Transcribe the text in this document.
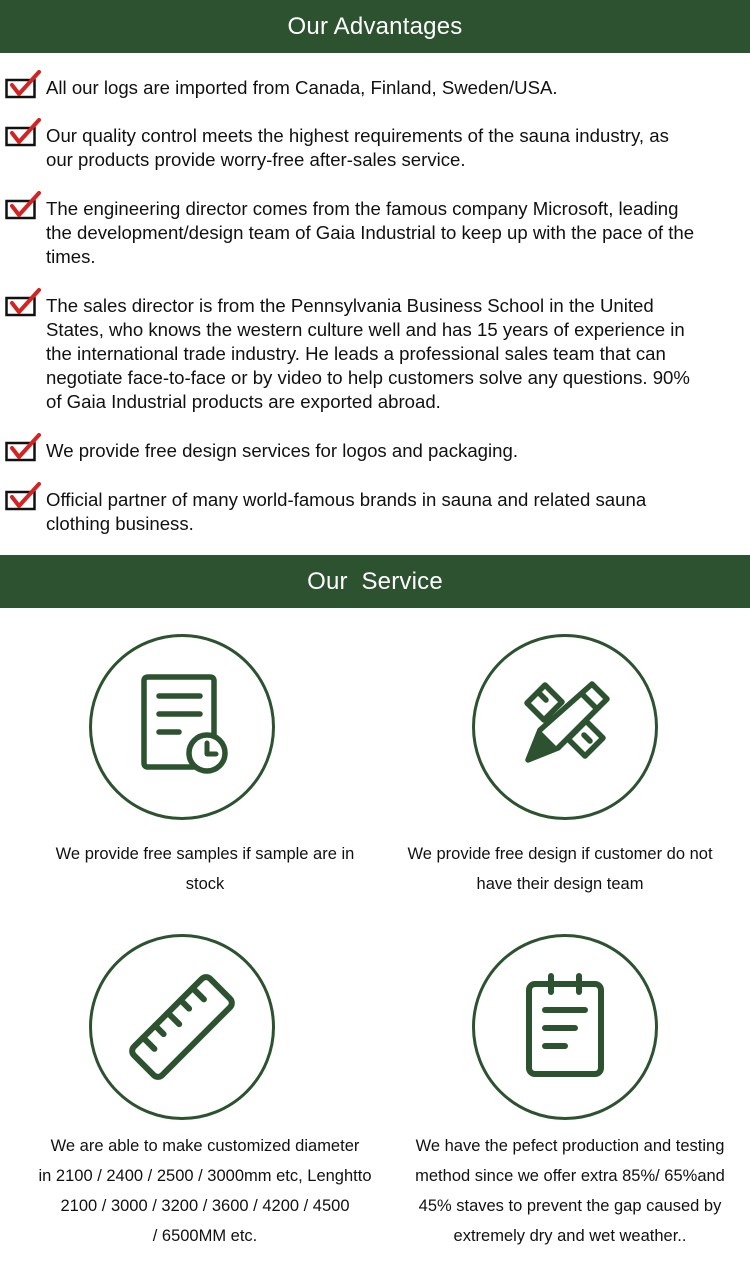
Our Advantages
All our logs are imported from Canada, Finland, Sweden/USA.
Our quality control meets the highest requirements of the sauna industry, as
our products provide worry-free after-sales service.
The engineering director comes from the famous company Microsoft, leading
the development/design team of Gaia Industrial to keep up with the pace of the
times.
The sales director is from the Pennsylvania Business School in the United
States, who knows the western culture well and has 15 years of experience in
the international trade industry. He leads a professional sales team that can
negotiate face-to-face or by video to help customers solve any questions. 90%
of Gaia Industrial products are exported abroad.
We provide free design services for logos and packaging.
Official partner of many world-famous brands in sauna and related sauna
clothing business.
Our  Service
We provide free samples if sample are in
stock
We provide free design if customer do not
have their design team
We are able to make customized diameter
in 2100 / 2400 / 2500 / 3000mm etc, Lenghtto
2100 / 3000 / 3200 / 3600 / 4200 / 4500
/ 6500MM etc.
We have the pefect production and testing
method since we offer extra 85%/ 65%and
45% staves to prevent the gap caused by
extremely dry and wet weather..
